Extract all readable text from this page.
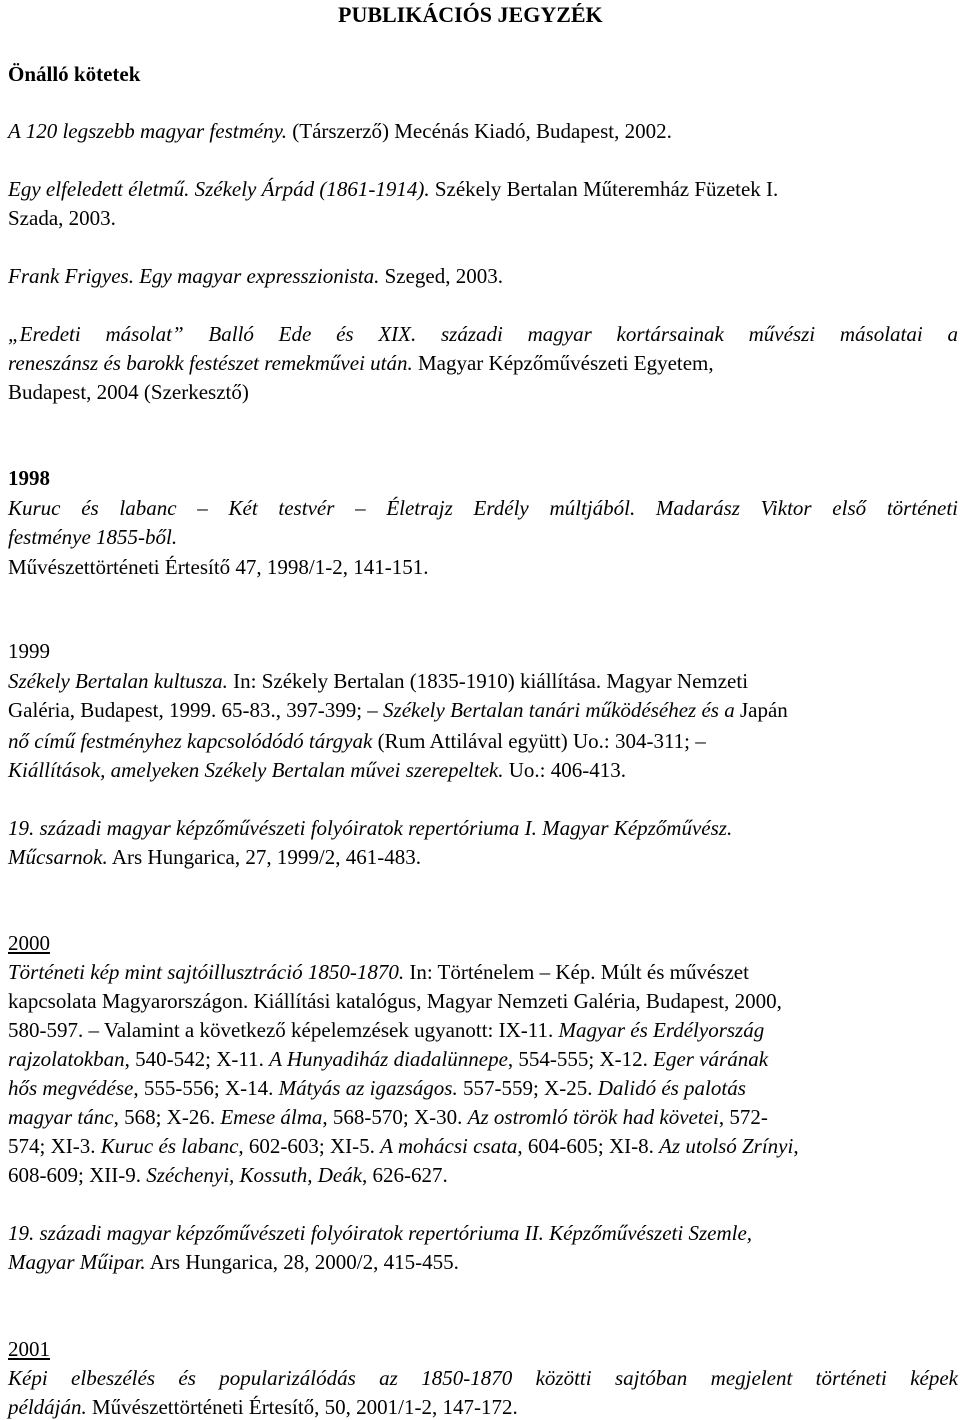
PUBLIKÁCIÓS JEGYZÉK
Önálló kötetek
A 120 legszebb magyar festmény. (Társzerző) Mecénás Kiadó, Budapest, 2002.
Egy elfeledett életmű. Székely Árpád (1861-1914). Székely Bertalan Műteremház Füzetek I.
Szada, 2003.
Frank Frigyes. Egy magyar expresszionista. Szeged, 2003.
„Eredeti másolat” Balló Ede és XIX. századi magyar kortársainak művészi másolatai a
reneszánsz és barokk festészet remekművei után. Magyar Képzőművészeti Egyetem,
Budapest, 2004 (Szerkesztő)
1998
Kuruc és labanc – Két testvér – Életrajz Erdély múltjából. Madarász Viktor első történeti
festménye 1855-ből.
Művészettörténeti Értesítő 47, 1998/1-2, 141-151.
1999
Székely Bertalan kultusza. In: Székely Bertalan (1835-1910) kiállítása. Magyar Nemzeti
Galéria, Budapest, 1999. 65-83., 397-399; – Székely Bertalan tanári működéséhez és a Japán
nő című festményhez kapcsolódódó tárgyak (Rum Attilával együtt) Uo.: 304-311; –
Kiállítások, amelyeken Székely Bertalan művei szerepeltek. Uo.: 406-413.
19. századi magyar képzőművészeti folyóiratok repertóriuma I. Magyar Képzőművész.
Műcsarnok. Ars Hungarica, 27, 1999/2, 461-483.
2000
Történeti kép mint sajtóillusztráció 1850-1870. In: Történelem – Kép. Múlt és művészet
kapcsolata Magyarországon. Kiállítási katalógus, Magyar Nemzeti Galéria, Budapest, 2000,
580-597. – Valamint a következő képelemzések ugyanott: IX-11. Magyar és Erdélyország
rajzolatokban, 540-542; X-11. A Hunyadiház diadalünnepe, 554-555; X-12. Eger várának
hős megvédése, 555-556; X-14. Mátyás az igazságos. 557-559; X-25. Dalidó és palotás
magyar tánc, 568; X-26. Emese álma, 568-570; X-30. Az ostromló török had követei, 572-
574; XI-3. Kuruc és labanc, 602-603; XI-5. A mohácsi csata, 604-605; XI-8. Az utolsó Zrínyi,
608-609; XII-9. Széchenyi, Kossuth, Deák, 626-627.
19. századi magyar képzőművészeti folyóiratok repertóriuma II. Képzőművészeti Szemle,
Magyar Műipar. Ars Hungarica, 28, 2000/2, 415-455.
2001
Képi elbeszélés és popularizálódás az 1850-1870 közötti sajtóban megjelent történeti képek
példáján. Művészettörténeti Értesítő, 50, 2001/1-2, 147-172.
